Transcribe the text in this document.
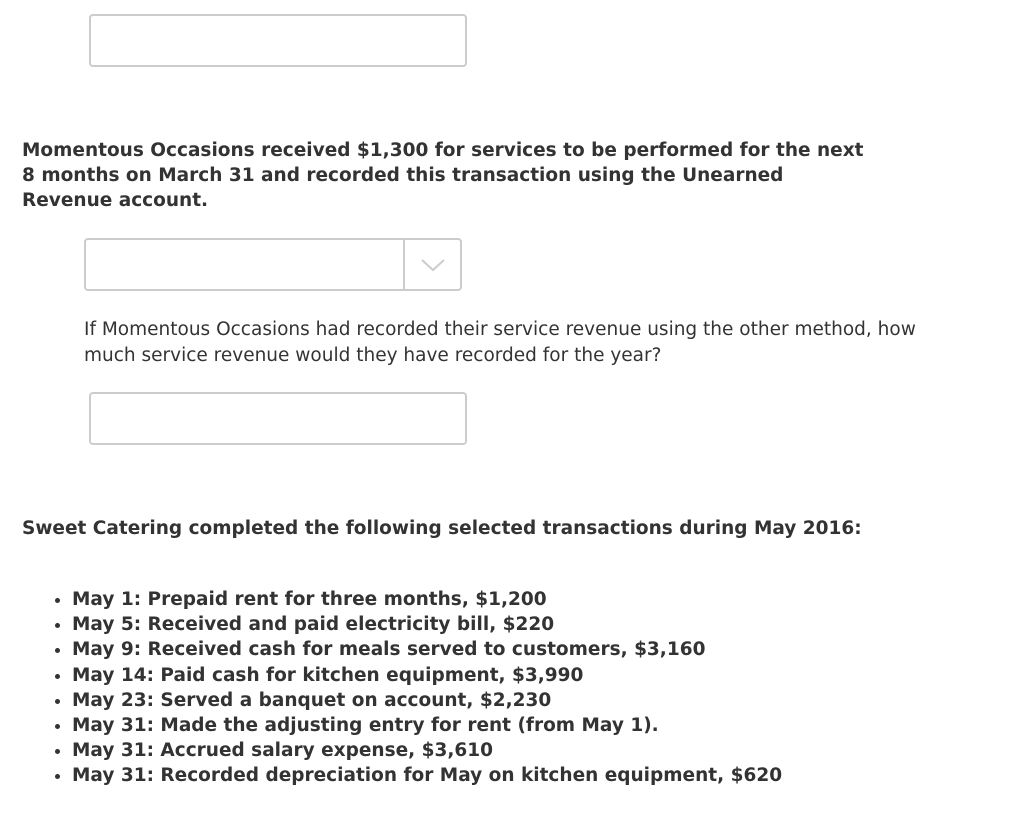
Momentous Occasions received $1,300 for services to be performed for the next 8 months on March 31 and recorded this transaction using the Unearned Revenue account.

If Momentous Occasions had recorded their service revenue using the other method, how much service revenue would they have recorded for the year?

Sweet Catering completed the following selected transactions during May 2016:

• May 1: Prepaid rent for three months, $1,200
• May 5: Received and paid electricity bill, $220
• May 9: Received cash for meals served to customers, $3,160
• May 14: Paid cash for kitchen equipment, $3,990
• May 23: Served a banquet on account, $2,230
• May 31: Made the adjusting entry for rent (from May 1).
• May 31: Accrued salary expense, $3,610
• May 31: Recorded depreciation for May on kitchen equipment, $620
